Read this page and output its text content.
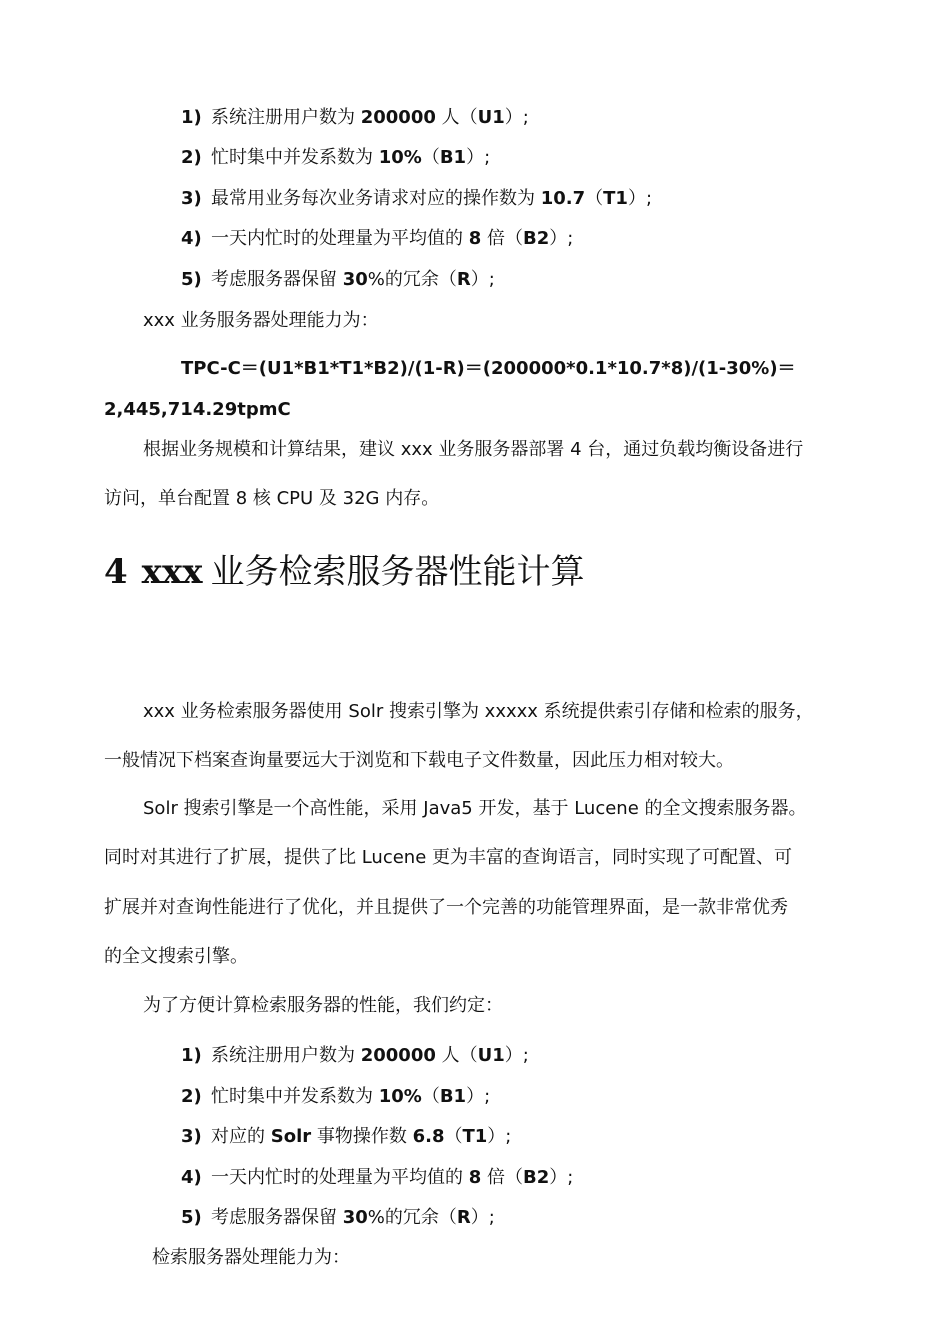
1) 系统注册用户数为 200000 人（U1）;
2) 忙时集中并发系数为 10%（B1）;
3) 最常用业务每次业务请求对应的操作数为 10.7（T1）;
4) 一天内忙时的处理量为平均值的 8 倍（B2）;
5) 考虑服务器保留 30%的冗余（R）;
xxx 业务服务器处理能力为：
TPC-C＝(U1*B1*T1*B2)/(1-R)＝(200000*0.1*10.7*8)/(1-30%)＝
2,445,714.29tpmC
根据业务规模和计算结果，建议 xxx 业务服务器部署 4 台，通过负载均衡设备进行
访问，单台配置 8 核 CPU 及 32G 内存。
4 xxx 业务检索服务器性能计算
xxx 业务检索服务器使用 Solr 搜索引擎为 xxxxx 系统提供索引存储和检索的服务，
一般情况下档案查询量要远大于浏览和下载电子文件数量，因此压力相对较大。
Solr 搜索引擎是一个高性能，采用 Java5 开发，基于 Lucene 的全文搜索服务器。
同时对其进行了扩展，提供了比 Lucene 更为丰富的查询语言，同时实现了可配置、可
扩展并对查询性能进行了优化，并且提供了一个完善的功能管理界面，是一款非常优秀
的全文搜索引擎。
为了方便计算检索服务器的性能，我们约定：
1) 系统注册用户数为 200000 人（U1）;
2) 忙时集中并发系数为 10%（B1）;
3) 对应的 Solr 事物操作数 6.8（T1）;
4) 一天内忙时的处理量为平均值的 8 倍（B2）;
5) 考虑服务器保留 30%的冗余（R）;
检索服务器处理能力为：
